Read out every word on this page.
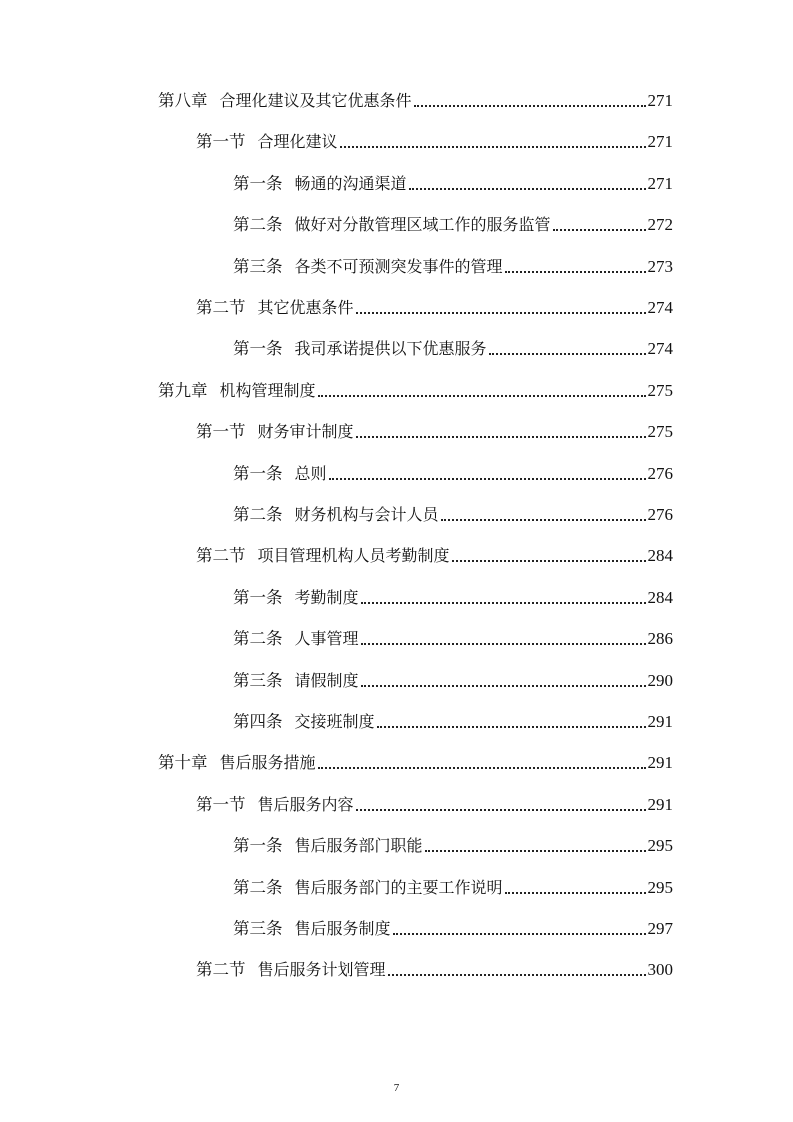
第八章 合理化建议及其它优惠条件	271
第一节 合理化建议	271
第一条 畅通的沟通渠道	271
第二条 做好对分散管理区域工作的服务监管	272
第三条 各类不可预测突发事件的管理	273
第二节 其它优惠条件	274
第一条 我司承诺提供以下优惠服务	274
第九章 机构管理制度	275
第一节 财务审计制度	275
第一条 总则	276
第二条 财务机构与会计人员	276
第二节 项目管理机构人员考勤制度	284
第一条 考勤制度	284
第二条 人事管理	286
第三条 请假制度	290
第四条 交接班制度	291
第十章 售后服务措施	291
第一节 售后服务内容	291
第一条 售后服务部门职能	295
第二条 售后服务部门的主要工作说明	295
第三条 售后服务制度	297
第二节 售后服务计划管理	300
7
